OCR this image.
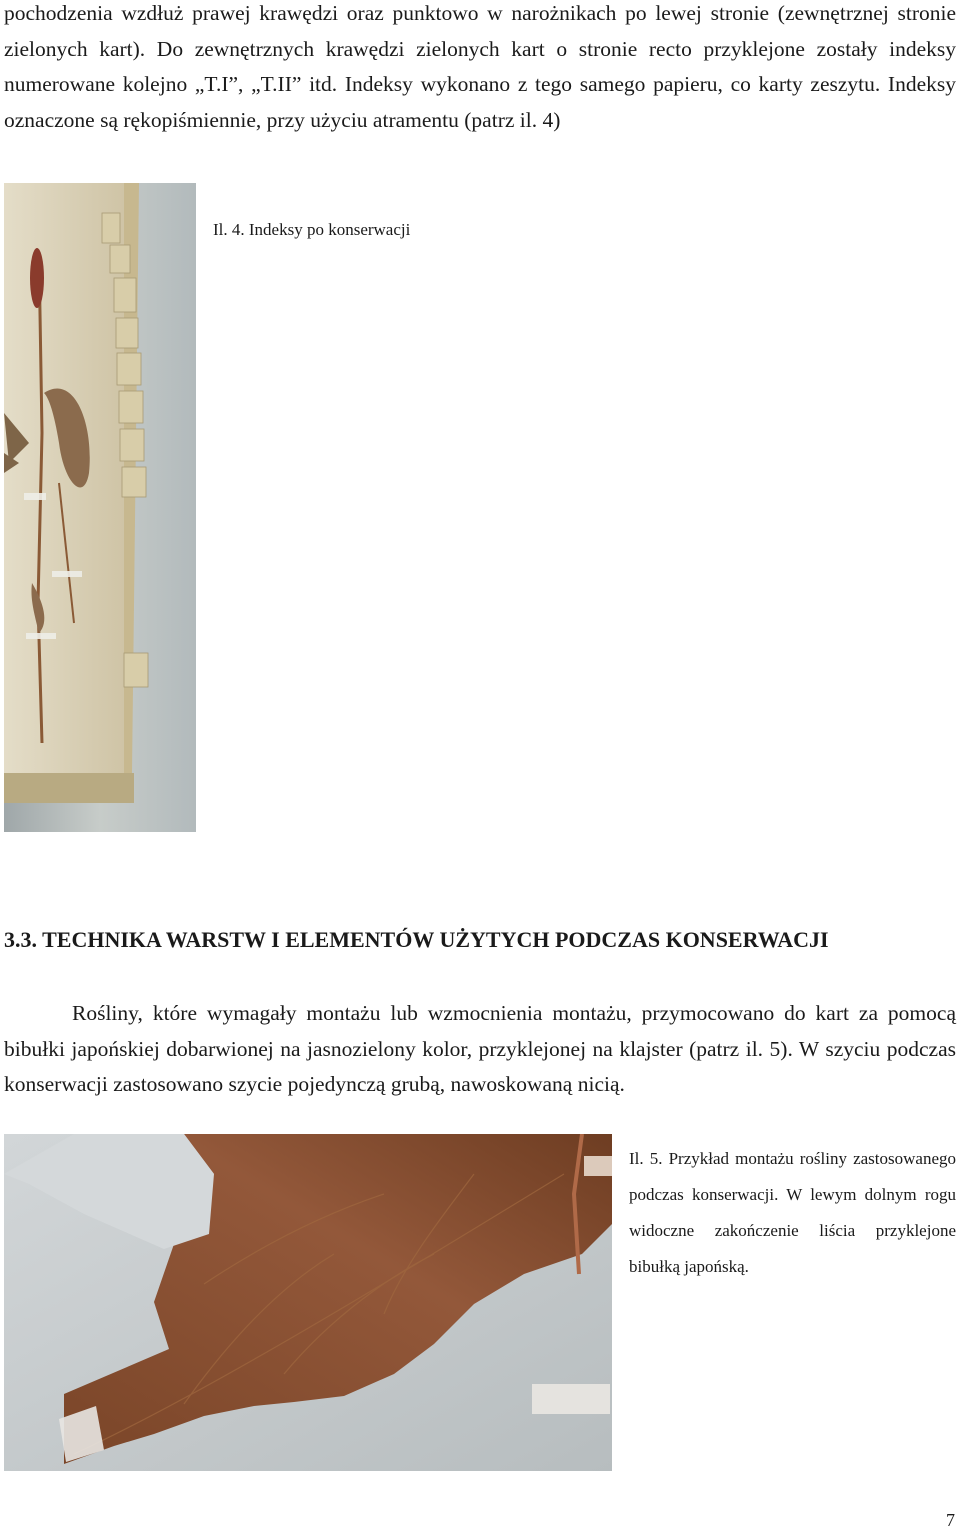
pochodzenia wzdłuż prawej krawędzi oraz punktowo w narożnikach po lewej stronie (zewnętrznej stronie zielonych kart). Do zewnętrznych krawędzi zielonych kart o stronie recto przyklejone zostały indeksy numerowane kolejno „T.I”, „T.II” itd. Indeksy wykonano z tego samego papieru, co karty zeszytu. Indeksy oznaczone są rękopiśmiennie, przy użyciu atramentu (patrz il. 4)

Il. 4. Indeksy po konserwacji

3.3. TECHNIKA WARSTW I ELEMENTÓW UŻYTYCH PODCZAS KONSERWACJI

Rośliny, które wymagały montażu lub wzmocnienia montażu, przymocowano do kart za pomocą bibułki japońskiej dobarwionej na jasnozielony kolor, przyklejonej na klajster (patrz il. 5). W szyciu podczas konserwacji zastosowano szycie pojedynczą grubą, nawoskowaną nicią.

Il. 5. Przykład montażu rośliny zastosowanego podczas konserwacji. W lewym dolnym rogu widoczne zakończenie liścia przyklejone bibułką japońską.

7
